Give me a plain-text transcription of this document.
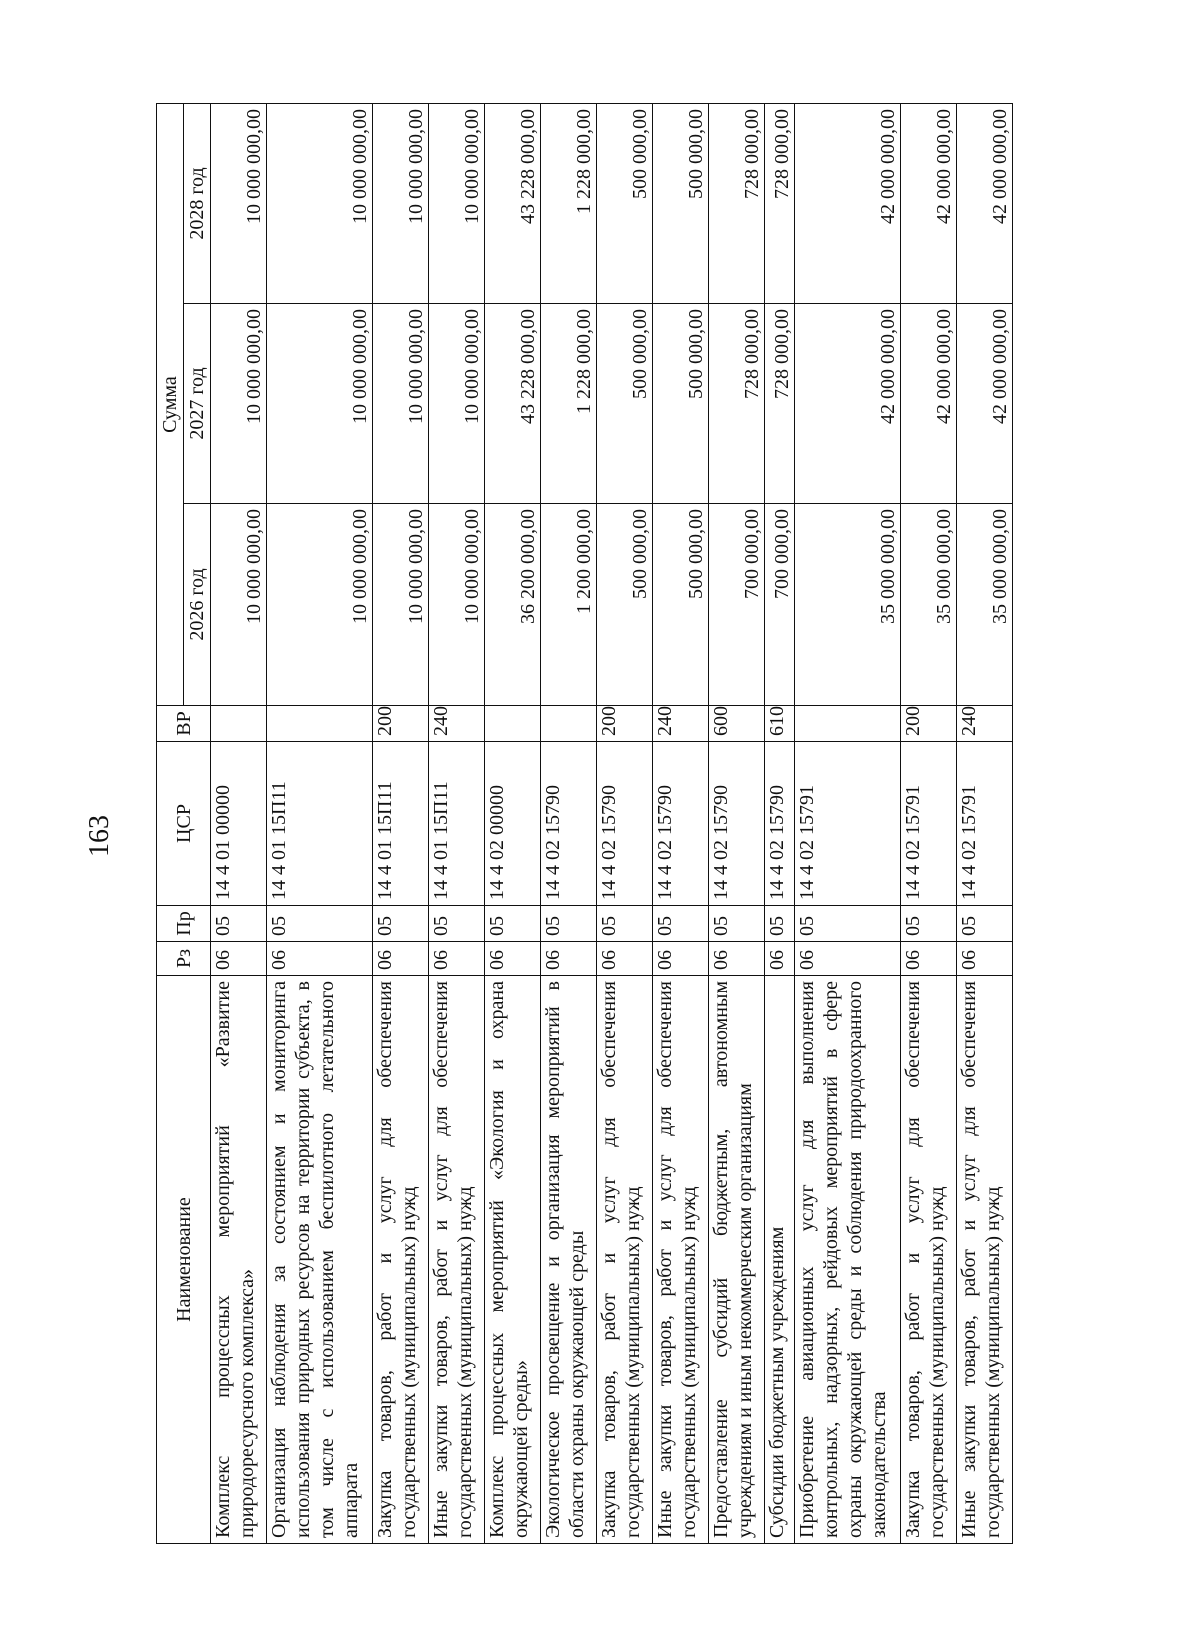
163
Наименование	Рз	Пр	ЦСР	ВР	Сумма		
					2026 год	2027 год	2028 год
Комплекс процессных мероприятий «Развитие природоресурсного комплекса»	06	05	14 4 01 00000		10 000 000,00	10 000 000,00	10 000 000,00
Организация наблюдения за состоянием и мониторинга использования природных ресурсов на территории субъекта, в том числе с использованием беспилотного летательного аппарата	06	05	14 4 01 15П11		10 000 000,00	10 000 000,00	10 000 000,00
Закупка товаров, работ и услуг для обеспечения государственных (муниципальных) нужд	06	05	14 4 01 15П11	200	10 000 000,00	10 000 000,00	10 000 000,00
Иные закупки товаров, работ и услуг для обеспечения государственных (муниципальных) нужд	06	05	14 4 01 15П11	240	10 000 000,00	10 000 000,00	10 000 000,00
Комплекс процессных мероприятий «Экология и охрана окружающей среды»	06	05	14 4 02 00000		36 200 000,00	43 228 000,00	43 228 000,00
Экологическое просвещение и организация мероприятий в области охраны окружающей среды	06	05	14 4 02 15790		1 200 000,00	1 228 000,00	1 228 000,00
Закупка товаров, работ и услуг для обеспечения государственных (муниципальных) нужд	06	05	14 4 02 15790	200	500 000,00	500 000,00	500 000,00
Иные закупки товаров, работ и услуг для обеспечения государственных (муниципальных) нужд	06	05	14 4 02 15790	240	500 000,00	500 000,00	500 000,00
Предоставление субсидий бюджетным, автономным учреждениям и иным некоммерческим организациям	06	05	14 4 02 15790	600	700 000,00	728 000,00	728 000,00
Субсидии бюджетным учреждениям	06	05	14 4 02 15790	610	700 000,00	728 000,00	728 000,00
Приобретение авиационных услуг для выполнения контрольных, надзорных, рейдовых мероприятий в сфере охраны окружающей среды и соблюдения природоохранного законодательства	06	05	14 4 02 15791		35 000 000,00	42 000 000,00	42 000 000,00
Закупка товаров, работ и услуг для обеспечения государственных (муниципальных) нужд	06	05	14 4 02 15791	200	35 000 000,00	42 000 000,00	42 000 000,00
Иные закупки товаров, работ и услуг для обеспечения государственных (муниципальных) нужд	06	05	14 4 02 15791	240	35 000 000,00	42 000 000,00	42 000 000,00
